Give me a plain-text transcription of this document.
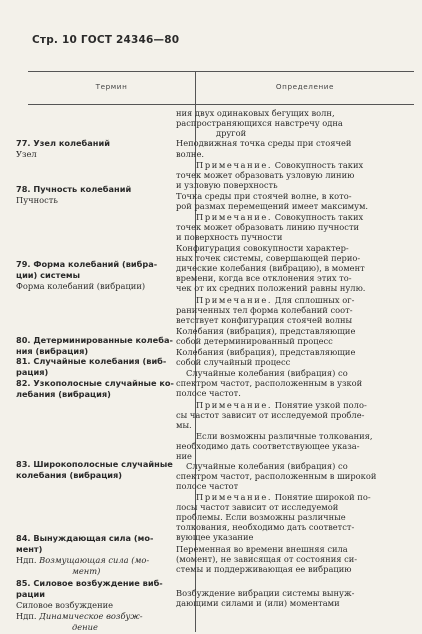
Стр. 10 ГОСТ 24346—80
Термин	Определение
77. Узел колебаний
Узел
78. Пучность колебаний
Пучность
79. Форма колебаний (вибра-
ции) системы
Форма колебаний (вибрации)
80. Детерминированные колеба-
ния (вибрация)
81. Случайные колебания (виб-
рация)
82. Узкополосные случайные ко-
лебания (вибрация)
83. Широкополосные случайные
колебания (вибрация)
84. Вынуждающая сила (мо-
мент)
Ндп. Возмущающая сила (мо-
мент)
85. Силовое возбуждение виб-
рации
Силовое возбуждение
Ндп. Динамическое возбуж-
дение
ния двух одинаковых бегущих волн,
распространяющихся навстречу одна
другой
Неподвижная точка среды при стоячей
волне.
Примечание. Совокупность таких
точек может образовать узловую линию
и узловую поверхность
Точка среды при стоячей волне, в кото-
рой размах перемещений имеет максимум.
Примечание. Совокупность таких
точек может образовать линию пучности
и поверхность пучности
Конфигурация совокупности характер-
ных точек системы, совершающей перио-
дические колебания (вибрацию), в момент
времени, когда все отклонения этих то-
чек от их средних положений равны нулю.
Примечание. Для сплошных ог-
раниченных тел форма колебаний соот-
ветствует конфигурация стоячей волны
Колебания (вибрация), представляющие
собой детерминированный процесс
Колебания (вибрация), представляющие
собой случайный процесс
Случайные колебания (вибрация) со
спектром частот, расположенным в узкой
полосе частот.
Примечание. Понятие узкой поло-
сы частот зависит от исследуемой пробле-
мы.
Если возможны различные толкования,
необходимо дать соответствующее указа-
ние
Случайные колебания (вибрация) со
спектром частот, расположенным в широкой
полосе частот
Примечание. Понятие широкой по-
лосы частот зависит от исследуемой
проблемы. Если возможны различные
толкования, необходимо дать соответст-
вующее указание
Переменная во времени внешняя сила
(момент), не зависящая от состояния си-
стемы и поддерживающая ее вибрацию
Возбуждение вибрации системы вынуж-
дающими силами и (или) моментами
